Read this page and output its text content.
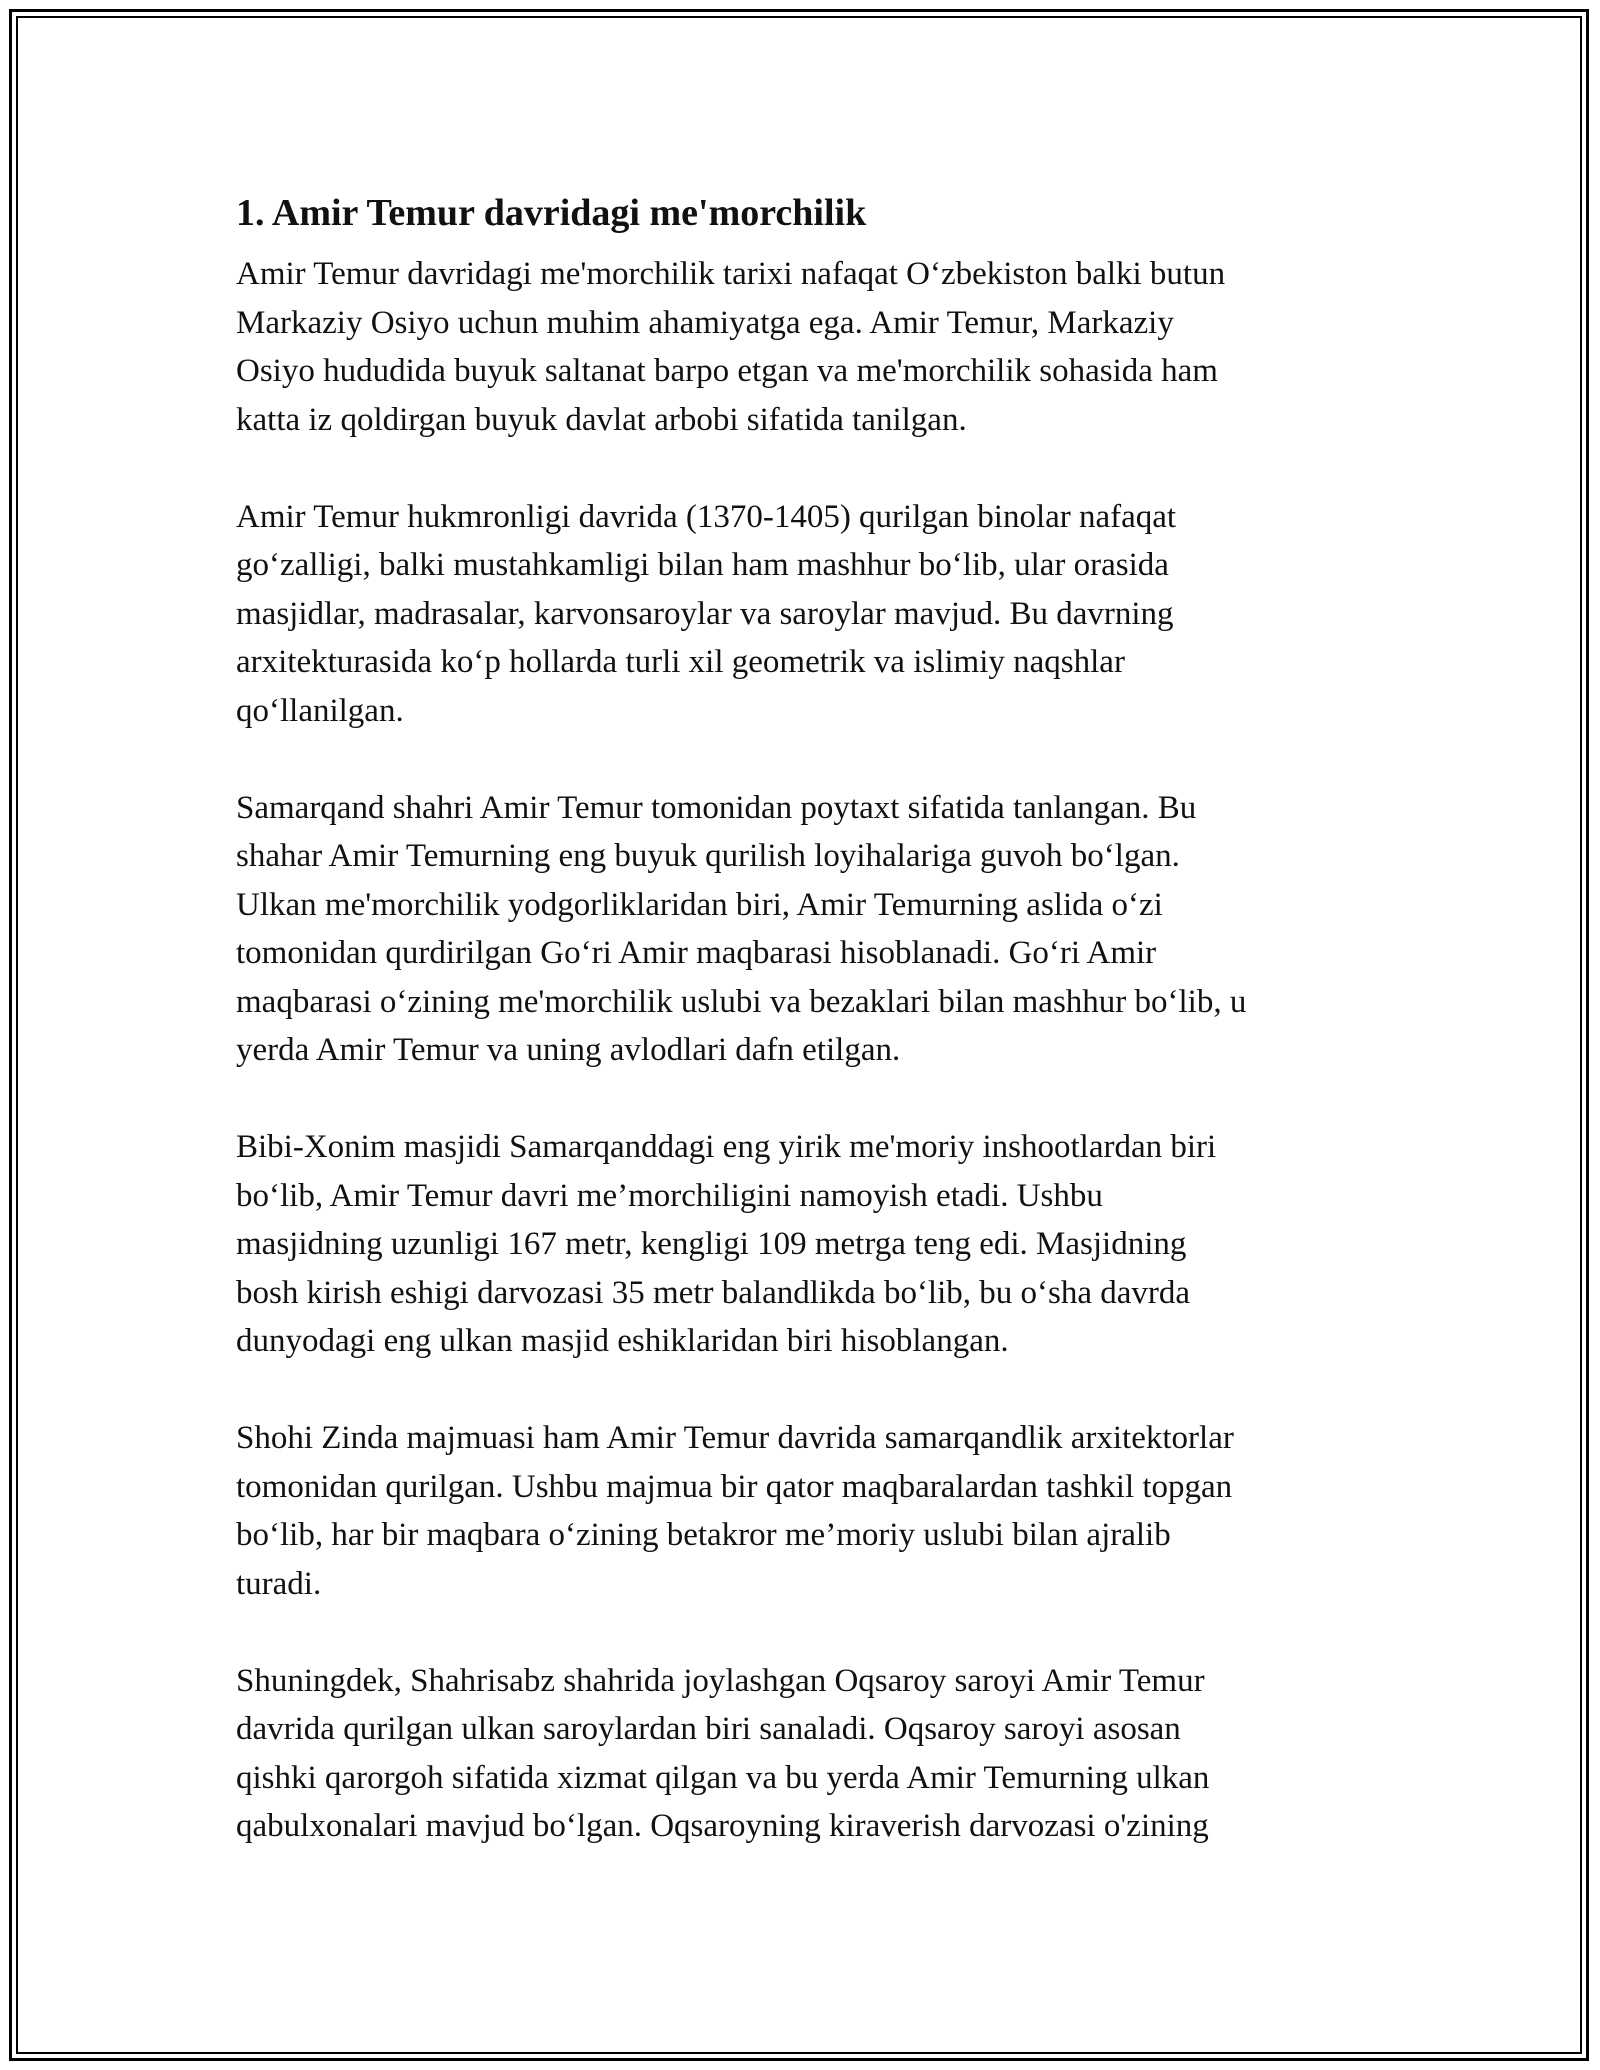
1. Amir Temur davridagi me'morchilik

Amir Temur davridagi me'morchilik tarixi nafaqat O‘zbekiston balki butun
Markaziy Osiyo uchun muhim ahamiyatga ega. Amir Temur, Markaziy
Osiyo hududida buyuk saltanat barpo etgan va me'morchilik sohasida ham
katta iz qoldirgan buyuk davlat arbobi sifatida tanilgan.

Amir Temur hukmronligi davrida (1370-1405) qurilgan binolar nafaqat
go‘zalligi, balki mustahkamligi bilan ham mashhur bo‘lib, ular orasida
masjidlar, madrasalar, karvonsaroylar va saroylar mavjud. Bu davrning
arxitekturasida ko‘p hollarda turli xil geometrik va islimiy naqshlar
qo‘llanilgan.

Samarqand shahri Amir Temur tomonidan poytaxt sifatida tanlangan. Bu
shahar Amir Temurning eng buyuk qurilish loyihalariga guvoh bo‘lgan.
Ulkan me'morchilik yodgorliklaridan biri, Amir Temurning aslida o‘zi
tomonidan qurdirilgan Go‘ri Amir maqbarasi hisoblanadi. Go‘ri Amir
maqbarasi o‘zining me'morchilik uslubi va bezaklari bilan mashhur bo‘lib, u
yerda Amir Temur va uning avlodlari dafn etilgan.

Bibi-Xonim masjidi Samarqanddagi eng yirik me'moriy inshootlardan biri
bo‘lib, Amir Temur davri me’morchiligini namoyish etadi. Ushbu
masjidning uzunligi 167 metr, kengligi 109 metrga teng edi. Masjidning
bosh kirish eshigi darvozasi 35 metr balandlikda bo‘lib, bu o‘sha davrda
dunyodagi eng ulkan masjid eshiklaridan biri hisoblangan.

Shohi Zinda majmuasi ham Amir Temur davrida samarqandlik arxitektorlar
tomonidan qurilgan. Ushbu majmua bir qator maqbaralardan tashkil topgan
bo‘lib, har bir maqbara o‘zining betakror me’moriy uslubi bilan ajralib
turadi.

Shuningdek, Shahrisabz shahrida joylashgan Oqsaroy saroyi Amir Temur
davrida qurilgan ulkan saroylardan biri sanaladi. Oqsaroy saroyi asosan
qishki qarorgoh sifatida xizmat qilgan va bu yerda Amir Temurning ulkan
qabulxonalari mavjud bo‘lgan. Oqsaroyning kiraverish darvozasi o'zining
